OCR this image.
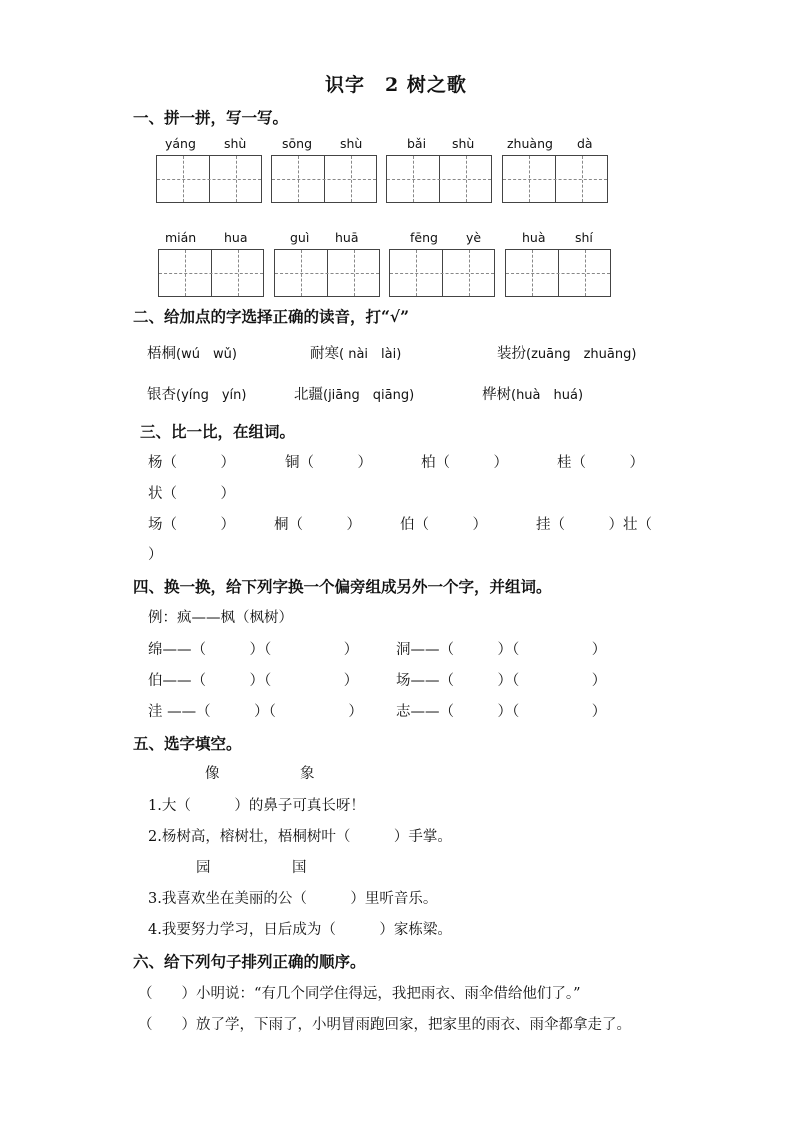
识字　2 树之歌
一、拼一拼，写一写。
yáng shù	sōng shù	bǎi shù	zhuàng dà
mián hua	guì huā	fēng yè	huà shí
二、给加点的字选择正确的读音，打“√”
梧桐(wú　wǔ)	耐寒( nài　lài)	装扮(zuāng　zhuāng)
银杏(yíng　yín)	北疆(jiāng　qiāng)	桦树(huà　huá)
三、比一比，在组词。
杨（　　　）	铜（　　　）	柏（　　　）	桂（　　　）
状（　　　）
场（　　　）	桐（　　　）	伯（　　　）	挂（　　　）壮（
）
四、换一换，给下列字换一个偏旁组成另外一个字，并组词。
例：疯——枫（枫树）
绵——（　　　）（　　　　　）	洞——（　　　）（　　　　　）
伯——（　　　）（　　　　　）	场——（　　　）（　　　　　）
洼 ——（　　　）（　　　　　） 志——（　　　）（　　　　　）
五、选字填空。
像	象
1.大（　　　）的鼻子可真长呀！
2.杨树高，榕树壮，梧桐树叶（　　　）手掌。
园	国
3.我喜欢坐在美丽的公（　　　）里听音乐。
4.我要努力学习，日后成为（　　　）家栋梁。
六、给下列句子排列正确的顺序。
（　　）小明说：“有几个同学住得远，我把雨衣、雨伞借给他们了。”
（　　）放了学，下雨了，小明冒雨跑回家，把家里的雨衣、雨伞都拿走了。
